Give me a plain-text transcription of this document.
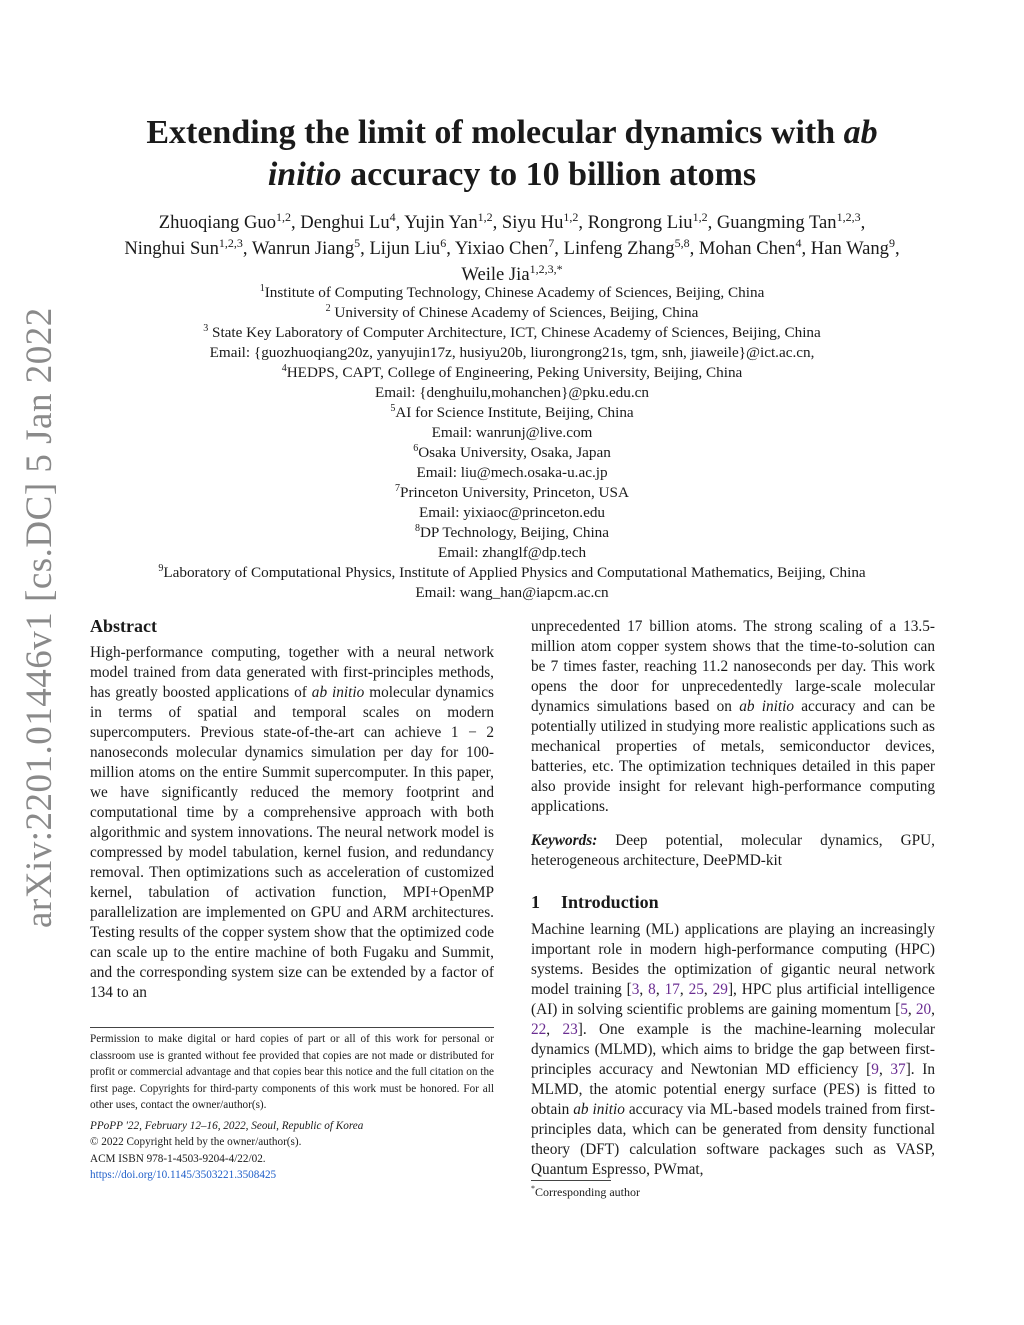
arXiv:2201.01446v1 [cs.DC] 5 Jan 2022
Extending the limit of molecular dynamics with ab
initio accuracy to 10 billion atoms
Zhuoqiang Guo$^{1,2}$, Denghui Lu$^4$, Yujin Yan$^{1,2}$, Siyu Hu$^{1,2}$, Rongrong Liu$^{1,2}$, Guangming Tan$^{1,2,3}$, Ninghui Sun$^{1,2,3}$, Wanrun Jiang$^5$, Lijun Liu$^6$, Yixiao Chen$^7$, Linfeng Zhang$^{5,8}$, Mohan Chen$^4$, Han Wang$^9$, Weile Jia$^{1,2,3,*}$
$^1$Institute of Computing Technology, Chinese Academy of Sciences, Beijing, China
$^2$ University of Chinese Academy of Sciences, Beijing, China
$^3$ State Key Laboratory of Computer Architecture, ICT, Chinese Academy of Sciences, Beijing, China
Email: {guozhuoqiang20z, yanyujin17z, husiyu20b, liurongrong21s, tgm, snh, jiaweile}@ict.ac.cn,
$^4$HEDPS, CAPT, College of Engineering, Peking University, Beijing, China
Email: {denghuilu,mohanchen}@pku.edu.cn
$^5$AI for Science Institute, Beijing, China
Email: wanrunj@live.com
$^6$Osaka University, Osaka, Japan
Email: liu@mech.osaka-u.ac.jp
$^7$Princeton University, Princeton, USA
Email: yixiaoc@princeton.edu
$^8$DP Technology, Beijing, China
Email: zhanglf@dp.tech
$^9$Laboratory of Computational Physics, Institute of Applied Physics and Computational Mathematics, Beijing, China
Email: wang_han@iapcm.ac.cn
Abstract

High-performance computing, together with a neural network model trained from data generated with first-principles methods, has greatly boosted applications of ab initio molecular dynamics in terms of spatial and temporal scales on modern supercomputers. Previous state-of-the-art can achieve 1 − 2 nanoseconds molecular dynamics simulation per day for 100-million atoms on the entire Summit supercomputer. In this paper, we have significantly reduced the memory footprint and computational time by a comprehensive approach with both algorithmic and system innovations. The neural network model is compressed by model tabulation, kernel fusion, and redundancy removal. Then optimizations such as acceleration of customized kernel, tabulation of activation function, MPI+OpenMP parallelization are implemented on GPU and ARM architectures. Testing results of the copper system show that the optimized code can scale up to the entire machine of both Fugaku and Summit, and the corresponding system size can be extended by a factor of 134 to an

Permission to make digital or hard copies of part or all of this work for personal or classroom use is granted without fee provided that copies are not made or distributed for profit or commercial advantage and that copies bear this notice and the full citation on the first page. Copyrights for third-party components of this work must be honored. For all other uses, contact the owner/author(s).

PPoPP '22, February 12–16, 2022, Seoul, Republic of Korea

© 2022 Copyright held by the owner/author(s).

ACM ISBN 978-1-4503-9204-4/22/02.

https://doi.org/10.1145/3503221.3508425

unprecedented 17 billion atoms. The strong scaling of a 13.5-million atom copper system shows that the time-to-solution can be 7 times faster, reaching 11.2 nanoseconds per day. This work opens the door for unprecedentedly large-scale molecular dynamics simulations based on ab initio accuracy and can be potentially utilized in studying more realistic applications such as mechanical properties of metals, semiconductor devices, batteries, etc. The optimization techniques detailed in this paper also provide insight for relevant high-performance computing applications.

Keywords: Deep potential, molecular dynamics, GPU, heterogeneous architecture, DeePMD-kit

1 Introduction

Machine learning (ML) applications are playing an increasingly important role in modern high-performance computing (HPC) systems. Besides the optimization of gigantic neural network model training [3, 8, 17, 25, 29], HPC plus artificial intelligence (AI) in solving scientific problems are gaining momentum [5, 20, 22, 23]. One example is the machine-learning molecular dynamics (MLMD), which aims to bridge the gap between first-principles accuracy and Newtonian MD efficiency [9, 37]. In MLMD, the atomic potential energy surface (PES) is fitted to obtain ab initio accuracy via ML-based models trained from first-principles data, which can be generated from density functional theory (DFT) calculation software packages such as VASP, Quantum Espresso, PWmat,

*Corresponding author
